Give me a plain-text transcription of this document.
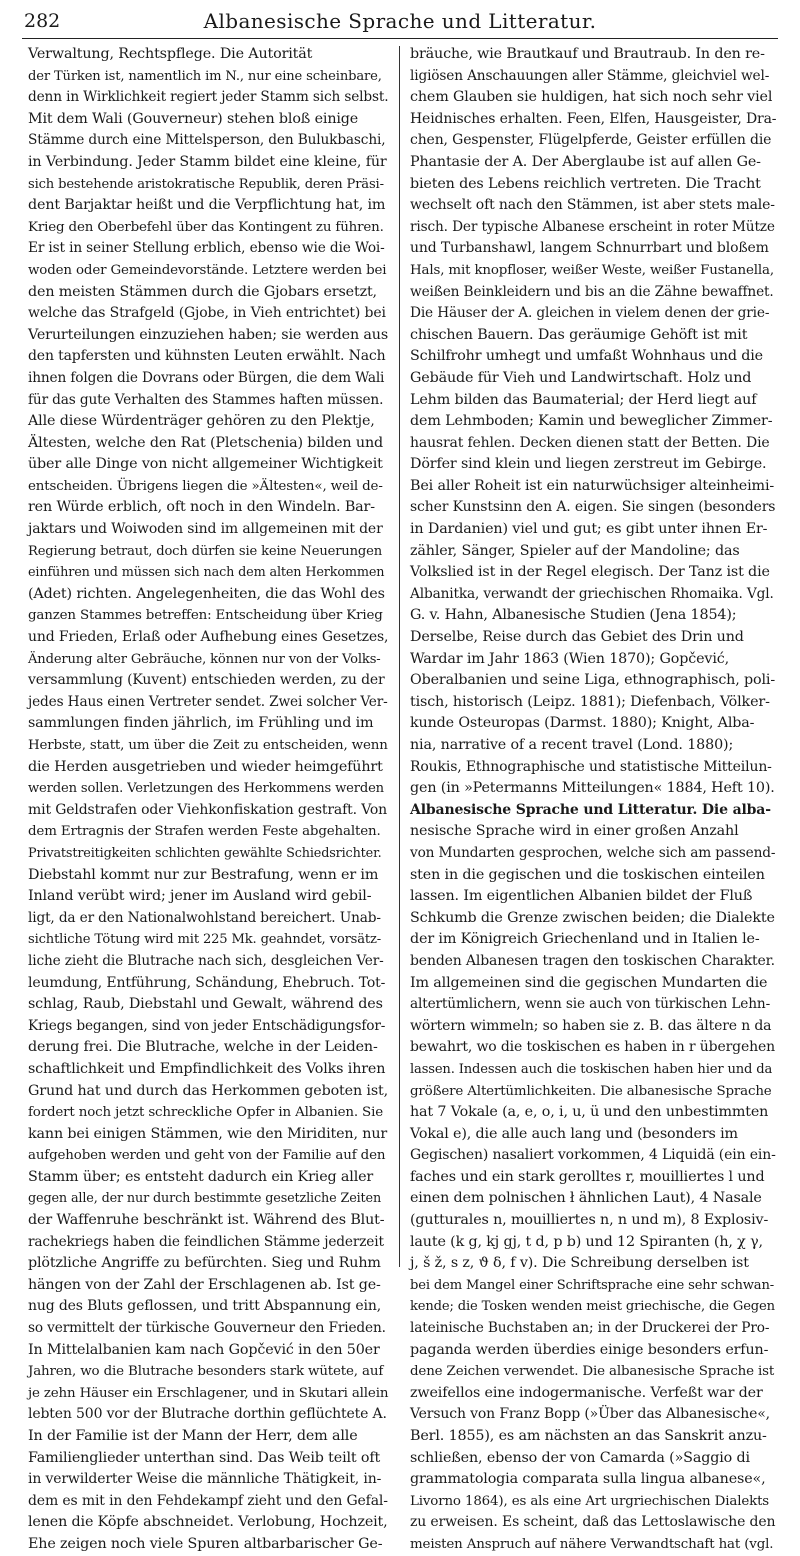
282	Albanesische Sprache und Litteratur.
Verwaltung, Rechtspflege. Die Autorität
der Türken ist, namentlich im N., nur eine scheinbare,
denn in Wirklichkeit regiert jeder Stamm sich selbst.
Mit dem Wali (Gouverneur) stehen bloß einige
Stämme durch eine Mittelsperson, den Bulukbaschi,
in Verbindung. Jeder Stamm bildet eine kleine, für
sich bestehende aristokratische Republik, deren Präsi-
dent Barjaktar heißt und die Verpflichtung hat, im
Krieg den Oberbefehl über das Kontingent zu führen.
Er ist in seiner Stellung erblich, ebenso wie die Woi-
woden oder Gemeindevorstände. Letztere werden bei
den meisten Stämmen durch die Gjobars ersetzt,
welche das Strafgeld (Gjobe, in Vieh entrichtet) bei
Verurteilungen einzuziehen haben; sie werden aus
den tapfersten und kühnsten Leuten erwählt. Nach
ihnen folgen die Dovrans oder Bürgen, die dem Wali
für das gute Verhalten des Stammes haften müssen.
Alle diese Würdenträger gehören zu den Plektje,
Ältesten, welche den Rat (Pletschenia) bilden und
über alle Dinge von nicht allgemeiner Wichtigkeit
entscheiden. Übrigens liegen die »Ältesten«, weil de-
ren Würde erblich, oft noch in den Windeln. Bar-
jaktars und Woiwoden sind im allgemeinen mit der
Regierung betraut, doch dürfen sie keine Neuerungen
einführen und müssen sich nach dem alten Herkommen
(Adet) richten. Angelegenheiten, die das Wohl des
ganzen Stammes betreffen: Entscheidung über Krieg
und Frieden, Erlaß oder Aufhebung eines Gesetzes,
Änderung alter Gebräuche, können nur von der Volks-
versammlung (Kuvent) entschieden werden, zu der
jedes Haus einen Vertreter sendet. Zwei solcher Ver-
sammlungen finden jährlich, im Frühling und im
Herbste, statt, um über die Zeit zu entscheiden, wenn
die Herden ausgetrieben und wieder heimgeführt
werden sollen. Verletzungen des Herkommens werden
mit Geldstrafen oder Viehkonfiskation gestraft. Von
dem Ertragnis der Strafen werden Feste abgehalten.
Privatstreitigkeiten schlichten gewählte Schiedsrichter.
Diebstahl kommt nur zur Bestrafung, wenn er im
Inland verübt wird; jener im Ausland wird gebil-
ligt, da er den Nationalwohlstand bereichert. Unab-
sichtliche Tötung wird mit 225 Mk. geahndet, vorsätz-
liche zieht die Blutrache nach sich, desgleichen Ver-
leumdung, Entführung, Schändung, Ehebruch. Tot-
schlag, Raub, Diebstahl und Gewalt, während des
Kriegs begangen, sind von jeder Entschädigungsfor-
derung frei. Die Blutrache, welche in der Leiden-
schaftlichkeit und Empfindlichkeit des Volks ihren
Grund hat und durch das Herkommen geboten ist,
fordert noch jetzt schreckliche Opfer in Albanien. Sie
kann bei einigen Stämmen, wie den Miriditen, nur
aufgehoben werden und geht von der Familie auf den
Stamm über; es entsteht dadurch ein Krieg aller
gegen alle, der nur durch bestimmte gesetzliche Zeiten
der Waffenruhe beschränkt ist. Während des Blut-
rachekriegs haben die feindlichen Stämme jederzeit
plötzliche Angriffe zu befürchten. Sieg und Ruhm
hängen von der Zahl der Erschlagenen ab. Ist ge-
nug des Bluts geflossen, und tritt Abspannung ein,
so vermittelt der türkische Gouverneur den Frieden.
In Mittelalbanien kam nach Gopčević in den 50er
Jahren, wo die Blutrache besonders stark wütete, auf
je zehn Häuser ein Erschlagener, und in Skutari allein
lebten 500 vor der Blutrache dorthin geflüchtete A.
In der Familie ist der Mann der Herr, dem alle
Familienglieder unterthan sind. Das Weib teilt oft
in verwilderter Weise die männliche Thätigkeit, in-
dem es mit in den Fehdekampf zieht und den Gefal-
lenen die Köpfe abschneidet. Verlobung, Hochzeit,
Ehe zeigen noch viele Spuren altbarbarischer Ge-
bräuche, wie Brautkauf und Brautraub. In den re-
ligiösen Anschauungen aller Stämme, gleichviel wel-
chem Glauben sie huldigen, hat sich noch sehr viel
Heidnisches erhalten. Feen, Elfen, Hausgeister, Dra-
chen, Gespenster, Flügelpferde, Geister erfüllen die
Phantasie der A. Der Aberglaube ist auf allen Ge-
bieten des Lebens reichlich vertreten. Die Tracht
wechselt oft nach den Stämmen, ist aber stets male-
risch. Der typische Albanese erscheint in roter Mütze
und Turbanshawl, langem Schnurrbart und bloßem
Hals, mit knopfloser, weißer Weste, weißer Fustanella,
weißen Beinkleidern und bis an die Zähne bewaffnet.
Die Häuser der A. gleichen in vielem denen der grie-
chischen Bauern. Das geräumige Gehöft ist mit
Schilfrohr umhegt und umfaßt Wohnhaus und die
Gebäude für Vieh und Landwirtschaft. Holz und
Lehm bilden das Baumaterial; der Herd liegt auf
dem Lehmboden; Kamin und beweglicher Zimmer-
hausrat fehlen. Decken dienen statt der Betten. Die
Dörfer sind klein und liegen zerstreut im Gebirge.
Bei aller Roheit ist ein naturwüchsiger alteinheimi-
scher Kunstsinn den A. eigen. Sie singen (besonders
in Dardanien) viel und gut; es gibt unter ihnen Er-
zähler, Sänger, Spieler auf der Mandoline; das
Volkslied ist in der Regel elegisch. Der Tanz ist die
Albanitka, verwandt der griechischen Rhomaika. Vgl.
G. v. Hahn, Albanesische Studien (Jena 1854);
Derselbe, Reise durch das Gebiet des Drin und
Wardar im Jahr 1863 (Wien 1870); Gopčević,
Oberalbanien und seine Liga, ethnographisch, poli-
tisch, historisch (Leipz. 1881); Diefenbach, Völker-
kunde Osteuropas (Darmst. 1880); Knight, Alba-
nia, narrative of a recent travel (Lond. 1880);
Roukis, Ethnographische und statistische Mitteilun-
gen (in »Petermanns Mitteilungen« 1884, Heft 10).
Albanesische Sprache und Litteratur. Die alba-
nesische Sprache wird in einer großen Anzahl
von Mundarten gesprochen, welche sich am passend-
sten in die gegischen und die toskischen einteilen
lassen. Im eigentlichen Albanien bildet der Fluß
Schkumb die Grenze zwischen beiden; die Dialekte
der im Königreich Griechenland und in Italien le-
benden Albanesen tragen den toskischen Charakter.
Im allgemeinen sind die gegischen Mundarten die
altertümlichern, wenn sie auch von türkischen Lehn-
wörtern wimmeln; so haben sie z. B. das ältere n da
bewahrt, wo die toskischen es haben in r übergehen
lassen. Indessen auch die toskischen haben hier und da
größere Altertümlichkeiten. Die albanesische Sprache
hat 7 Vokale (a, e, o, i, u, ü und den unbestimmten
Vokal e), die alle auch lang und (besonders im
Gegischen) nasaliert vorkommen, 4 Liquidä (ein ein-
faches und ein stark gerolltes r, mouilliertes l und
einen dem polnischen ł ähnlichen Laut), 4 Nasale
(gutturales n, mouilliertes n, n und m), 8 Explosiv-
laute (k g, kj gj, t d, p b) und 12 Spiranten (h, χ γ,
j, š ž, s z, ϑ δ, f v). Die Schreibung derselben ist
bei dem Mangel einer Schriftsprache eine sehr schwan-
kende; die Tosken wenden meist griechische, die Gegen
lateinische Buchstaben an; in der Druckerei der Pro-
paganda werden überdies einige besonders erfun-
dene Zeichen verwendet. Die albanesische Sprache ist
zweifellos eine indogermanische. Verfeßt war der
Versuch von Franz Bopp (»Über das Albanesische«,
Berl. 1855), es am nächsten an das Sanskrit anzu-
schließen, ebenso der von Camarda (»Saggio di
grammatologia comparata sulla lingua albanese«,
Livorno 1864), es als eine Art urgriechischen Dialekts
zu erweisen. Es scheint, daß das Lettoslawische den
meisten Anspruch auf nähere Verwandtschaft hat (vgl.
